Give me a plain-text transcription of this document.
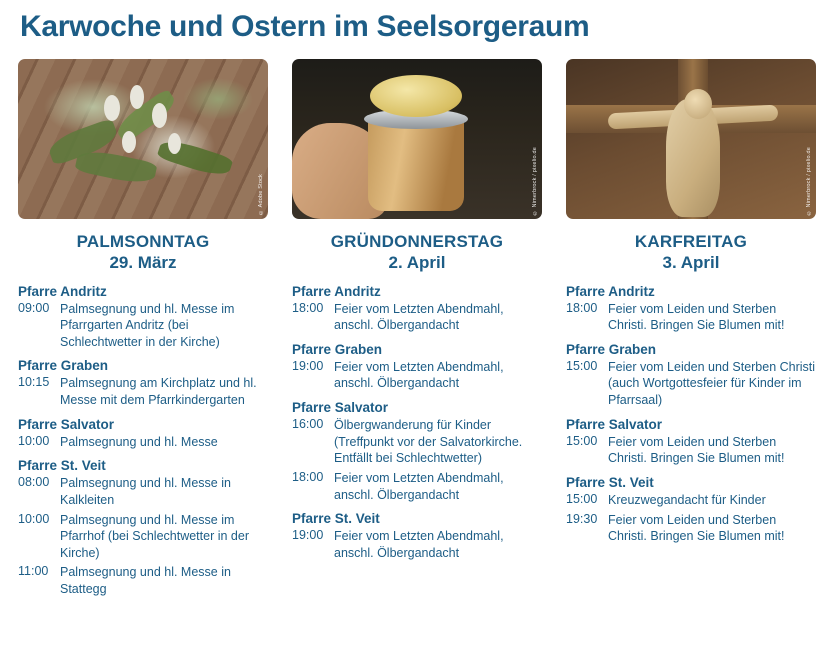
Karwoche und Ostern im Seelsorgeraum
© Adobe Stock
PALMSONNTAG
29. März
Pfarre Andritz
09:00 Palmsegnung und hl. Messe im Pfarrgarten Andritz (bei Schlechtwetter in der Kirche)
Pfarre Graben
10:15 Palmsegnung am Kirchplatz und hl. Messe mit dem Pfarrkindergarten
Pfarre Salvator
10:00 Palmsegnung und hl. Messe
Pfarre St. Veit
08:00 Palmsegnung und hl. Messe in Kalkleiten
10:00 Palmsegnung und hl. Messe im Pfarrhof (bei Schlechtwetter in der Kirche)
11:00 Palmsegnung und hl. Messe in Stattegg
© Nimerbrock / pixelio.de
GRÜNDONNERSTAG
2. April
Pfarre Andritz
18:00 Feier vom Letzten Abendmahl, anschl. Ölbergandacht
Pfarre Graben
19:00 Feier vom Letzten Abendmahl, anschl. Ölbergandacht
Pfarre Salvator
16:00 Ölbergwanderung für Kinder (Treffpunkt vor der Salvatorkirche. Entfällt bei Schlechtwetter)
18:00 Feier vom Letzten Abendmahl, anschl. Ölbergandacht
Pfarre St. Veit
19:00 Feier vom Letzten Abendmahl, anschl. Ölbergandacht
© Nimerbrock / pixelio.de
KARFREITAG
3. April
Pfarre Andritz
18:00 Feier vom Leiden und Sterben Christi. Bringen Sie Blumen mit!
Pfarre Graben
15:00 Feier vom Leiden und Sterben Christi (auch Wortgottesfeier für Kinder im Pfarrsaal)
Pfarre Salvator
15:00 Feier vom Leiden und Sterben Christi. Bringen Sie Blumen mit!
Pfarre St. Veit
15:00 Kreuzwegandacht für Kinder
19:30 Feier vom Leiden und Sterben Christi. Bringen Sie Blumen mit!
